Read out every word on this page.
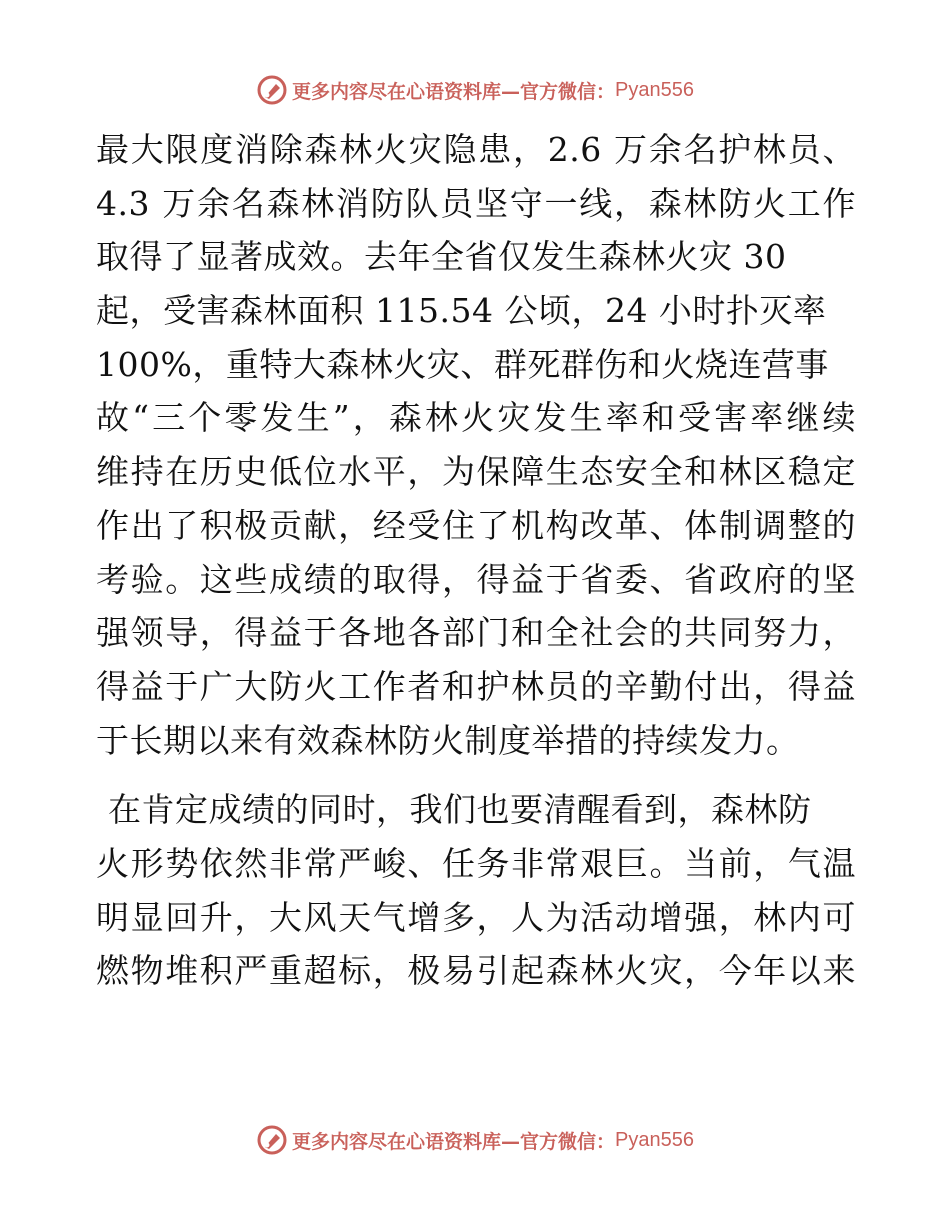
更多内容尽在心语资料库—官方微信： Pyan556
最大限度消除森林火灾隐患，2.6 万余名护林员、
4.3 万余名森林消防队员坚守一线，森林防火工作
取得了显著成效。去年全省仅发生森林火灾 30
起，受害森林面积 115.54 公顷，24 小时扑灭率
100%，重特大森林火灾、群死群伤和火烧连营事
故“三个零发生”，森林火灾发生率和受害率继续
维持在历史低位水平，为保障生态安全和林区稳定
作出了积极贡献，经受住了机构改革、体制调整的
考验。这些成绩的取得，得益于省委、省政府的坚
强领导，得益于各地各部门和全社会的共同努力，
得益于广大防火工作者和护林员的辛勤付出，得益
于长期以来有效森林防火制度举措的持续发力。
在肯定成绩的同时，我们也要清醒看到，森林防
火形势依然非常严峻、任务非常艰巨。当前，气温
明显回升，大风天气增多，人为活动增强，林内可
燃物堆积严重超标，极易引起森林火灾，今年以来
更多内容尽在心语资料库—官方微信： Pyan556
